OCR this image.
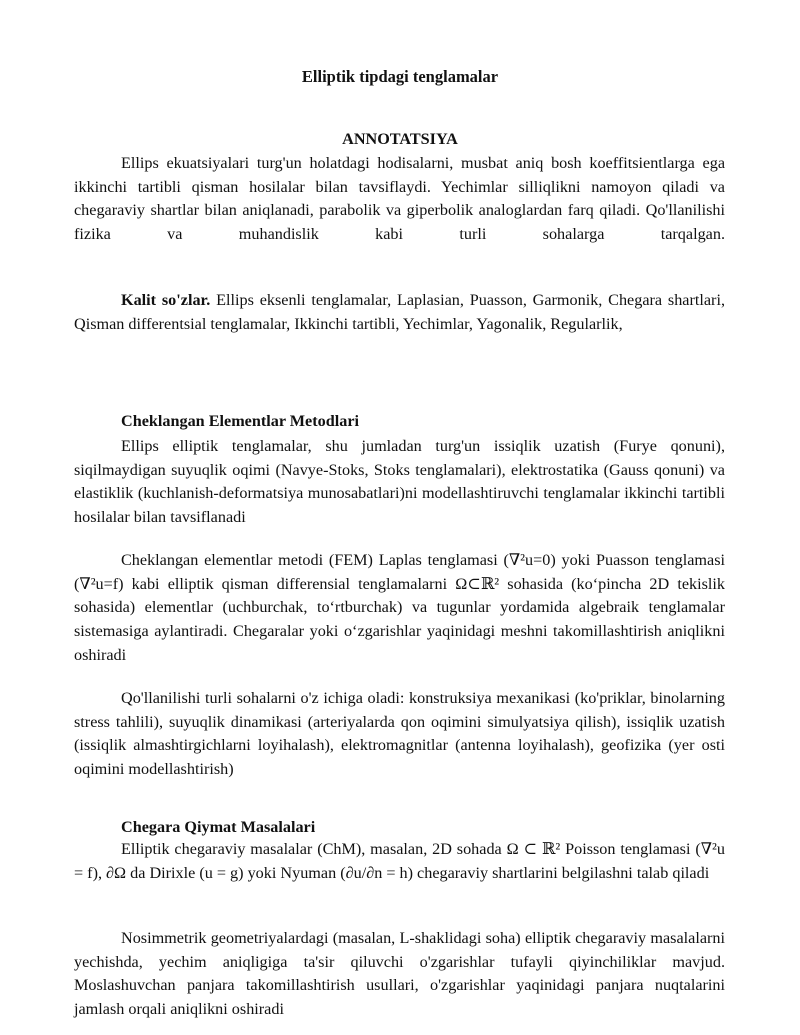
Elliptik tipdagi tenglamalar
ANNOTATSIYA

Ellips ekuatsiyalari turg'un holatdagi hodisalarni, musbat aniq bosh koeffitsientlarga ega ikkinchi tartibli qisman hosilalar bilan tavsiflaydi. Yechimlar silliqlikni namoyon qiladi va chegaraviy shartlar bilan aniqlanadi, parabolik va giperbolik analoglardan farq qiladi. Qo'llanilishi fizika va muhandislik kabi turli sohalarga tarqalgan.

Kalit so'zlar. Ellips eksenli tenglamalar, Laplasian, Puasson, Garmonik, Chegara shartlari, Qisman differentsial tenglamalar, Ikkinchi tartibli, Yechimlar, Yagonalik, Regularlik,

Cheklangan Elementlar Metodlari

Ellips elliptik tenglamalar, shu jumladan turg'un issiqlik uzatish (Furye qonuni), siqilmaydigan suyuqlik oqimi (Navye-Stoks, Stoks tenglamalari), elektrostatika (Gauss qonuni) va elastiklik (kuchlanish-deformatsiya munosabatlari)ni modellashtiruvchi tenglamalar ikkinchi tartibli hosilalar bilan tavsiflanadi

Cheklangan elementlar metodi (FEM) Laplas tenglamasi (∇²u=0) yoki Puasson tenglamasi (∇²u=f) kabi elliptik qisman differensial tenglamalarni Ω⊂ℝ² sohasida (ko‘pincha 2D tekislik sohasida) elementlar (uchburchak, to‘rtburchak) va tugunlar yordamida algebraik tenglamalar sistemasiga aylantiradi. Chegaralar yoki o‘zgarishlar yaqinidagi meshni takomillashtirish aniqlikni oshiradi

Qo'llanilishi turli sohalarni o'z ichiga oladi: konstruksiya mexanikasi (ko'priklar, binolarning stress tahlili), suyuqlik dinamikasi (arteriyalarda qon oqimini simulyatsiya qilish), issiqlik uzatish (issiqlik almashtirgichlarni loyihalash), elektromagnitlar (antenna loyihalash), geofizika (yer osti oqimini modellashtirish)

Chegara Qiymat Masalalari

Elliptik chegaraviy masalalar (ChM), masalan, 2D sohada Ω ⊂ ℝ² Poisson tenglamasi (∇²u = f), ∂Ω da Dirixle (u = g) yoki Nyuman (∂u/∂n = h) chegaraviy shartlarini belgilashni talab qiladi

Nosimmetrik geometriyalardagi (masalan, L-shaklidagi soha) elliptik chegaraviy masalalarni yechishda, yechim aniqligiga ta'sir qiluvchi o'zgarishlar tufayli qiyinchiliklar mavjud. Moslashuvchan panjara takomillashtirish usullari, o'zgarishlar yaqinidagi panjara nuqtalarini jamlash orqali aniqlikni oshiradi
